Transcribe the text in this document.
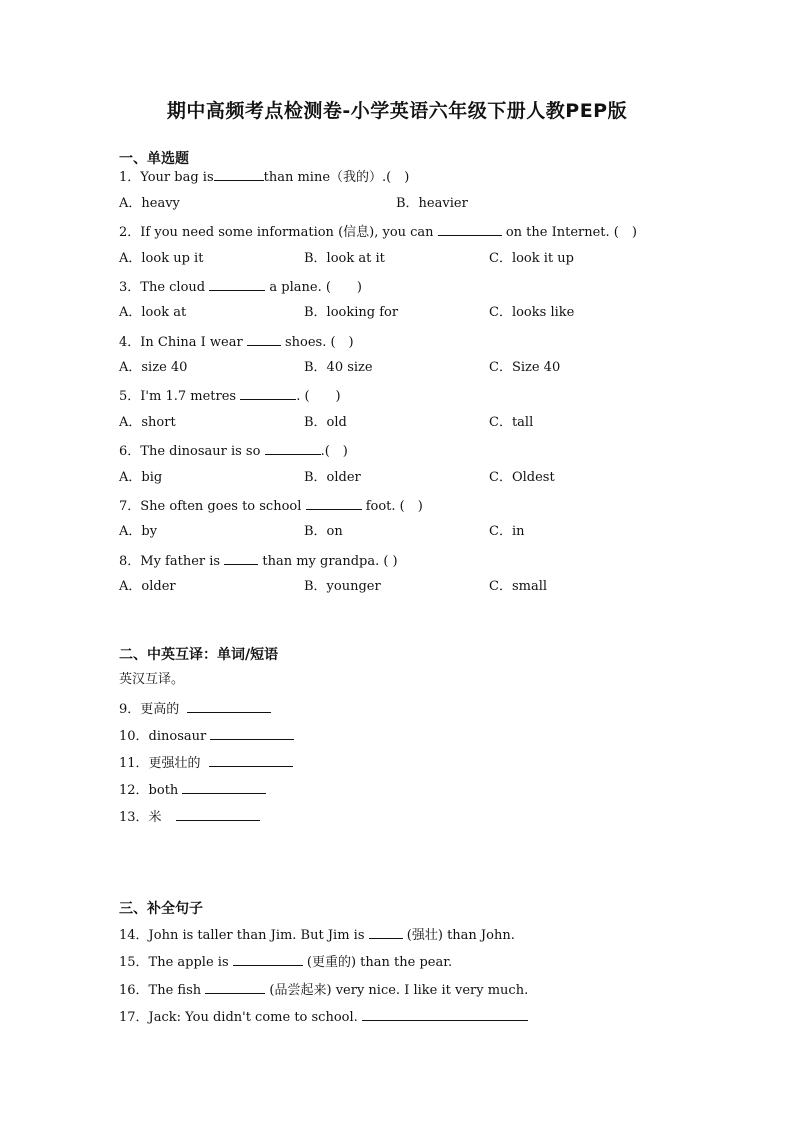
期中高频考点检测卷-小学英语六年级下册人教PEP版
一、单选题
1．Your bag is	than mine（我的）.(　)
A．heavy	B．heavier
2．If you need some information (信息), you can	on the Internet. (　)
A．look up it	B．look at it	C．look it up
3．The cloud	a plane. (　　)
A．look at	B．looking for	C．looks like
4．In China I wear	shoes. (　)
A．size 40	B．40 size	C．Size 40
5．I'm 1.7 metres	. (　　)
A．short	B．old	C．tall
6．The dinosaur is so	.(　)
A．big	B．older	C．Oldest
7．She often goes to school	foot. (　)
A．by	B．on	C．in
8．My father is	than my grandpa. ( )
A．older	B．younger	C．small
二、中英互译：单词/短语
英汉互译。
9．更高的
10．dinosaur
11．更强壮的
12．both
13．米
三、补全句子
14．John is taller than Jim. But Jim is	(强壮) than John.
15．The apple is	(更重的) than the pear.
16．The fish	(品尝起来) very nice. I like it very much.
17．Jack: You didn't come to school.
